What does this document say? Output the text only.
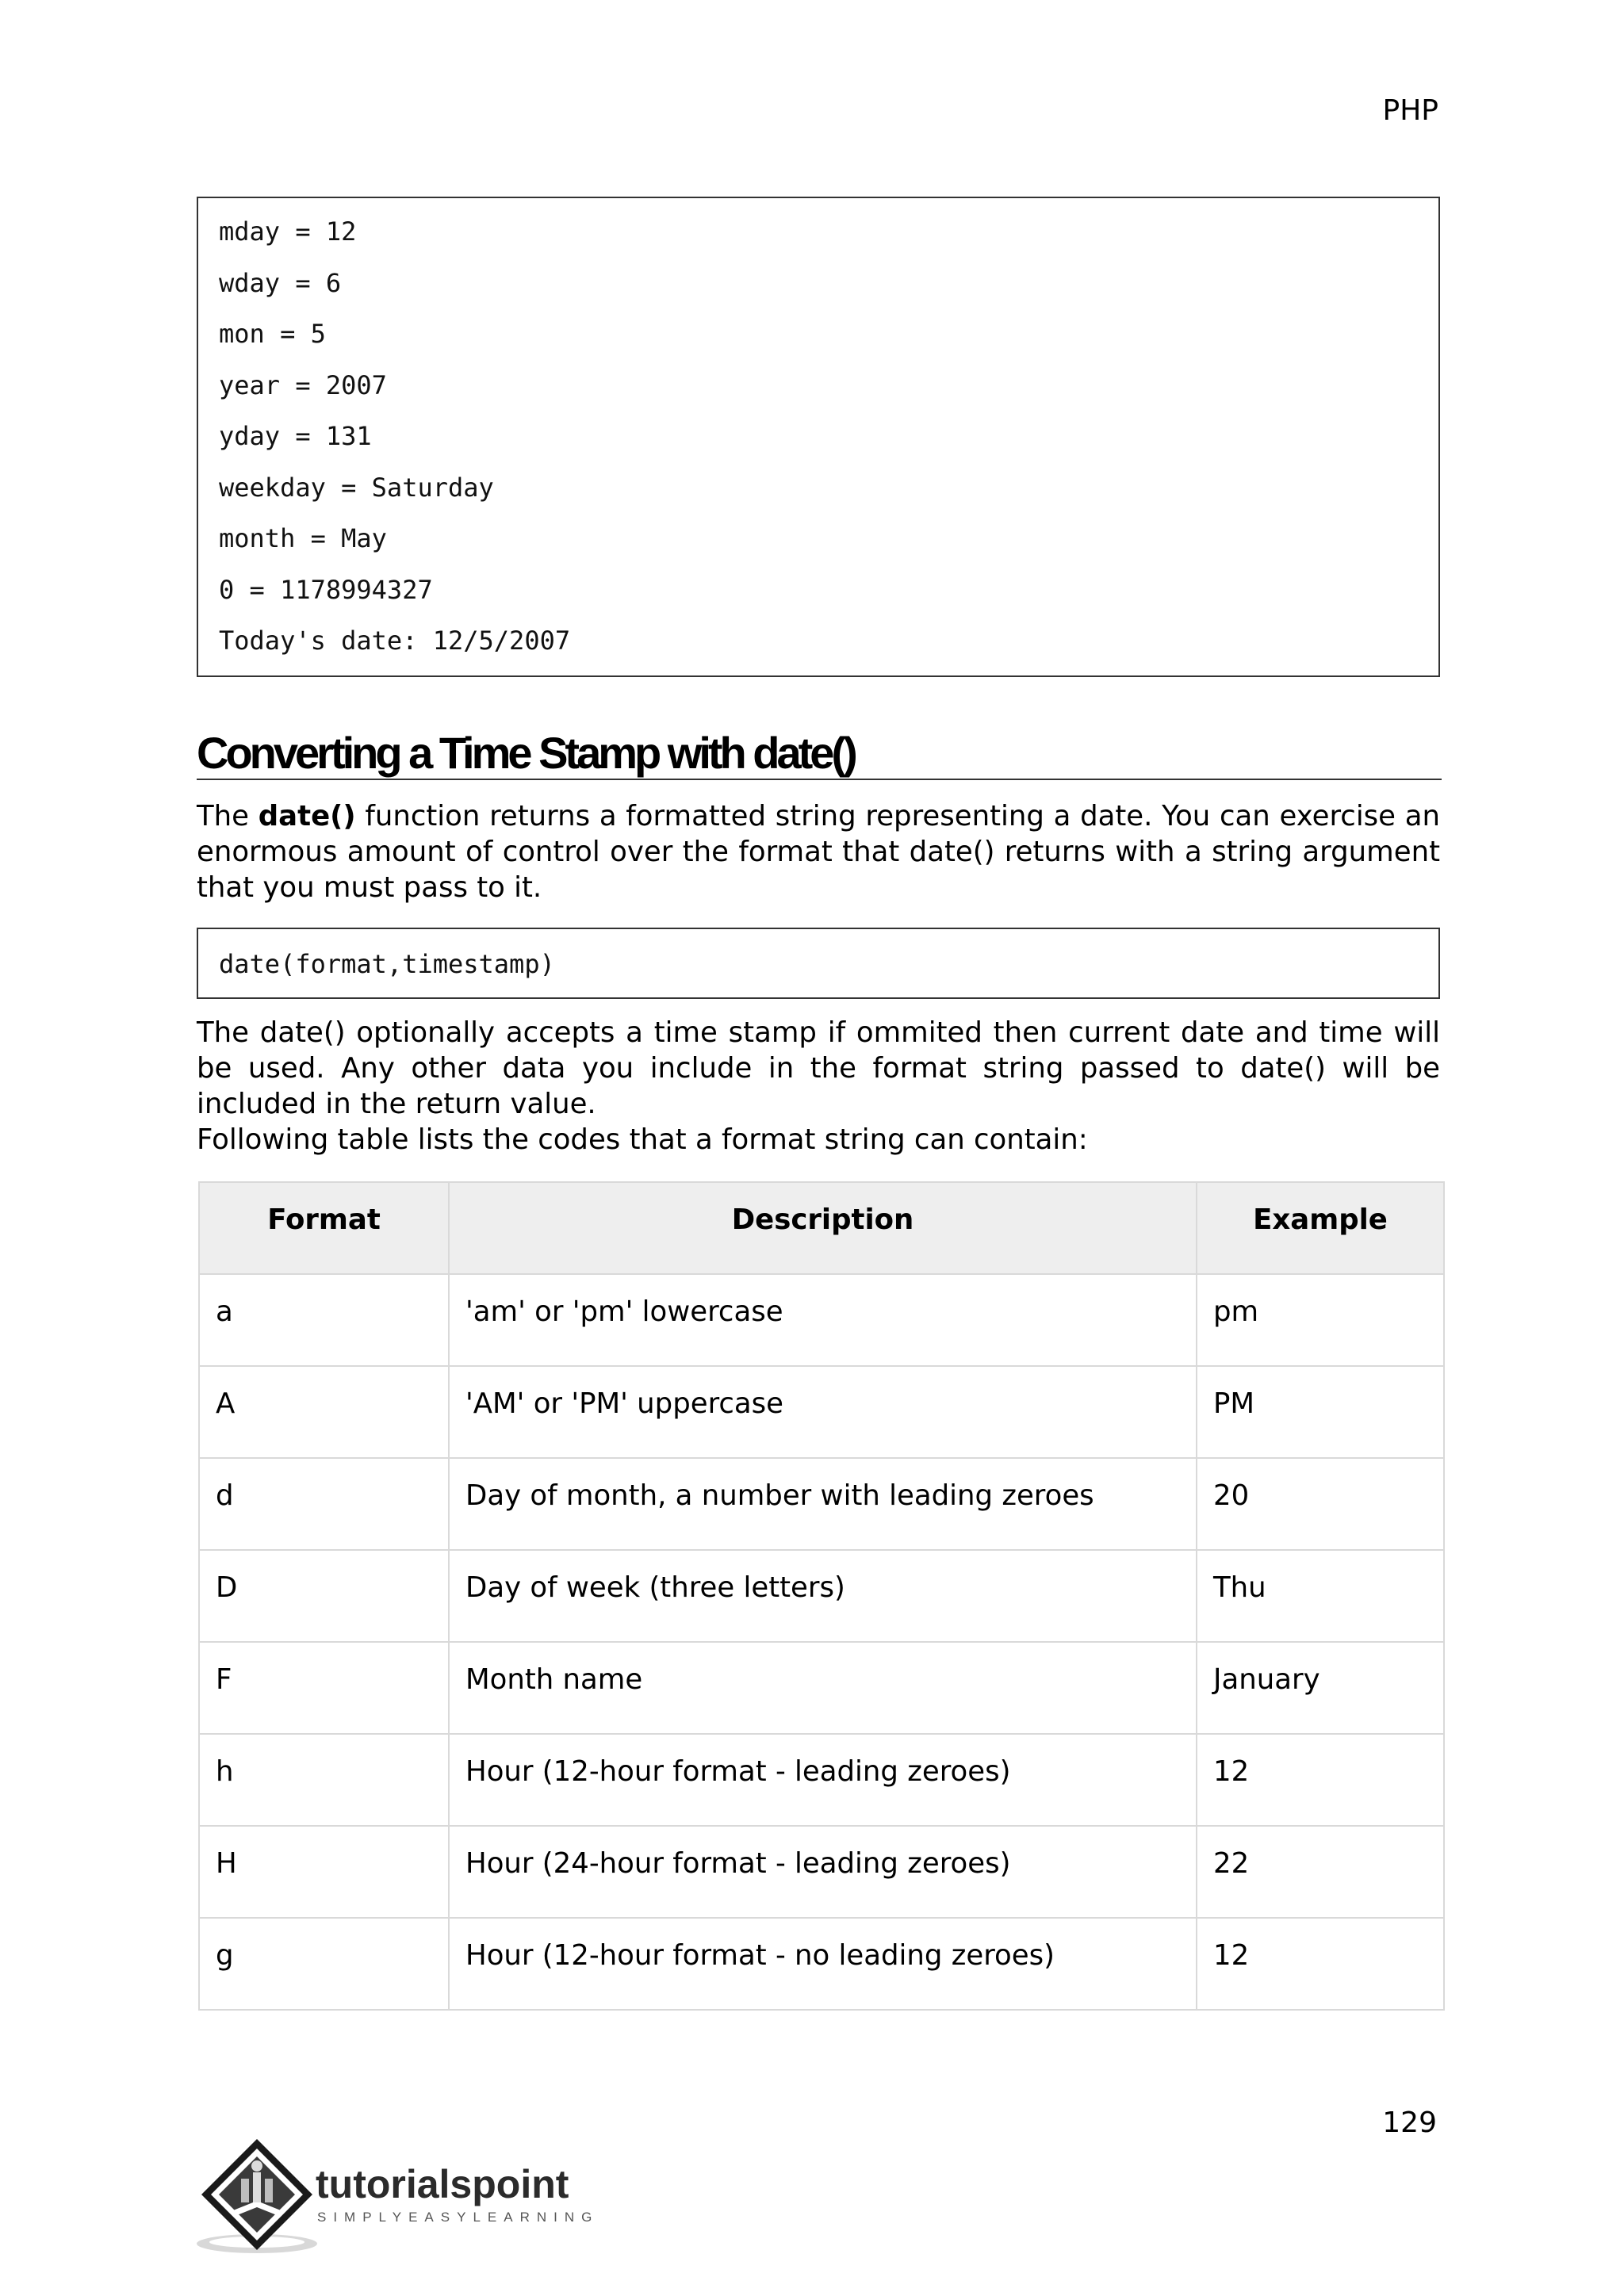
PHP
mday = 12
wday = 6
mon = 5
year = 2007
yday = 131
weekday = Saturday
month = May
0 = 1178994327
Today's date: 12/5/2007
Converting a Time Stamp with date()

The date() function returns a formatted string representing a date. You can exercise an enormous amount of control over the format that date() returns with a string argument that you must pass to it.

date(format,timestamp)

The date() optionally accepts a time stamp if ommited then current date and time will be used. Any other data you include in the format string passed to date() will be included in the return value.

Following table lists the codes that a format string can contain:

Format	Description	Example
a	'am' or 'pm' lowercase	pm
A	'AM' or 'PM' uppercase	PM
d	Day of month, a number with leading zeroes	20
D	Day of week (three letters)	Thu
F	Month name	January
h	Hour (12-hour format - leading zeroes)	12
H	Hour (24-hour format - leading zeroes)	22
g	Hour (12-hour format - no leading zeroes)	12
129
tutorialspoint
SIMPLYEASYLEARNING
